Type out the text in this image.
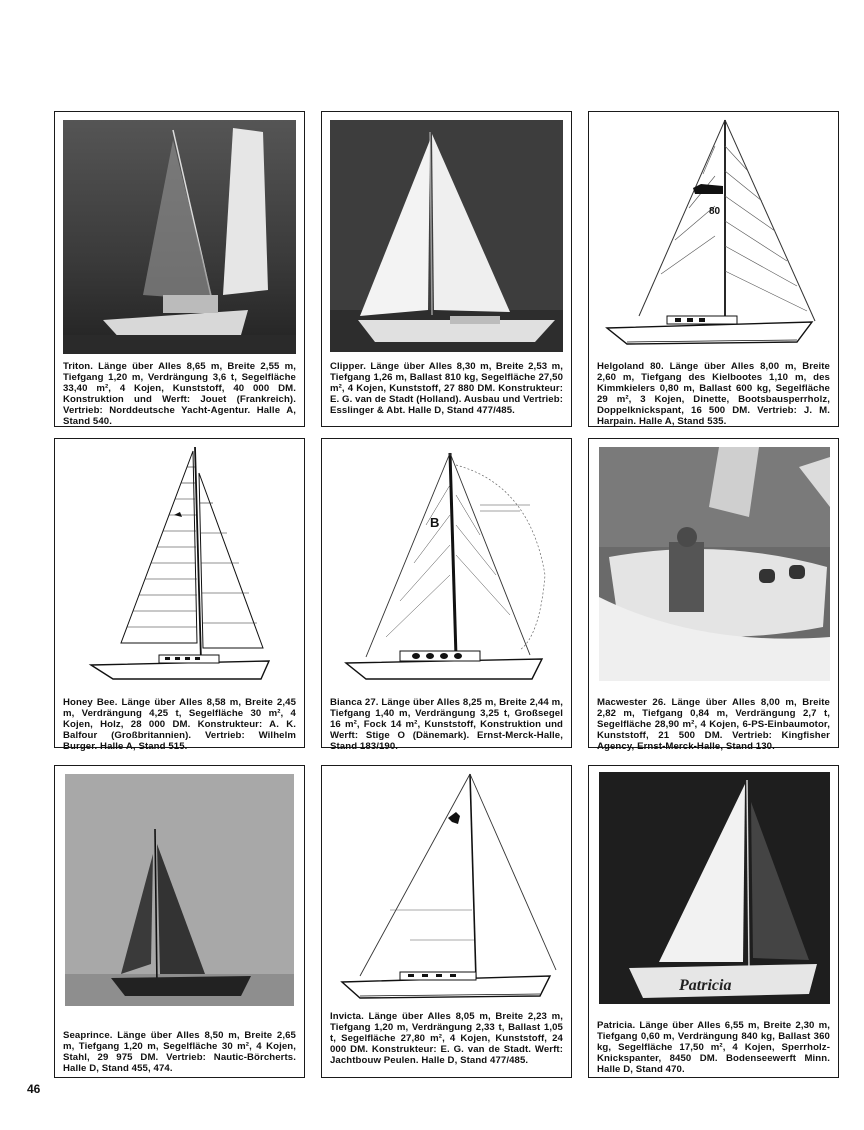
Triton. Länge über Alles 8,65 m, Breite 2,55 m, Tiefgang 1,20 m, Verdrängung 3,6 t, Segelfläche 33,40 m², 4 Kojen, Kunststoff, 40 000 DM. Konstruktion und Werft: Jouet (Frankreich). Vertrieb: Norddeutsche Yacht-Agentur. Halle A, Stand 540.
Clipper. Länge über Alles 8,30 m, Breite 2,53 m, Tiefgang 1,26 m, Ballast 810 kg, Segelfläche 27,50 m², 4 Kojen, Kunststoff, 27 880 DM. Konstrukteur: E. G. van de Stadt (Holland). Ausbau und Vertrieb: Esslinger & Abt. Halle D, Stand 477/485.
80
Helgoland 80. Länge über Alles 8,00 m, Breite 2,60 m, Tiefgang des Kielbootes 1,10 m, des Kimmkielers 0,80 m, Ballast 600 kg, Segelfläche 29 m², 3 Kojen, Dinette, Bootsbausperrholz, Doppelknickspant, 16 500 DM. Vertrieb: J. M. Harpain. Halle A, Stand 535.
Honey Bee. Länge über Alles 8,58 m, Breite 2,45 m, Verdrängung 4,25 t, Segelfläche 30 m², 4 Kojen, Holz, 28 000 DM. Konstrukteur: A. K. Balfour (Großbritannien). Vertrieb: Wilhelm Burger. Halle A, Stand 515.
B
Bianca 27. Länge über Alles 8,25 m, Breite 2,44 m, Tiefgang 1,40 m, Verdrängung 3,25 t, Großsegel 16 m², Fock 14 m², Kunststoff, Konstruktion und Werft: Stige O (Dänemark). Ernst-Merck-Halle, Stand 183/190.
Macwester 26. Länge über Alles 8,00 m, Breite 2,82 m, Tiefgang 0,84 m, Verdrängung 2,7 t, Segelfläche 28,90 m², 4 Kojen, 6-PS-Einbaumotor, Kunststoff, 21 500 DM. Vertrieb: Kingfisher Agency, Ernst-Merck-Halle, Stand 130.
Seaprince. Länge über Alles 8,50 m, Breite 2,65 m, Tiefgang 1,20 m, Segelfläche 30 m², 4 Kojen, Stahl, 29 975 DM. Vertrieb: Nautic-Börcherts. Halle D, Stand 455, 474.
Invicta. Länge über Alles 8,05 m, Breite 2,23 m, Tiefgang 1,20 m, Verdrängung 2,33 t, Ballast 1,05 t, Segelfläche 27,80 m², 4 Kojen, Kunststoff, 24 000 DM. Konstrukteur: E. G. van de Stadt. Werft: Jachtbouw Peulen. Halle D, Stand 477/485.
Patricia
Patricia. Länge über Alles 6,55 m, Breite 2,30 m, Tiefgang 0,60 m, Verdrängung 840 kg, Ballast 360 kg, Segelfläche 17,50 m², 4 Kojen, Sperrholz-Knickspanter, 8450 DM. Bodenseewerft Minn. Halle D, Stand 470.
46
